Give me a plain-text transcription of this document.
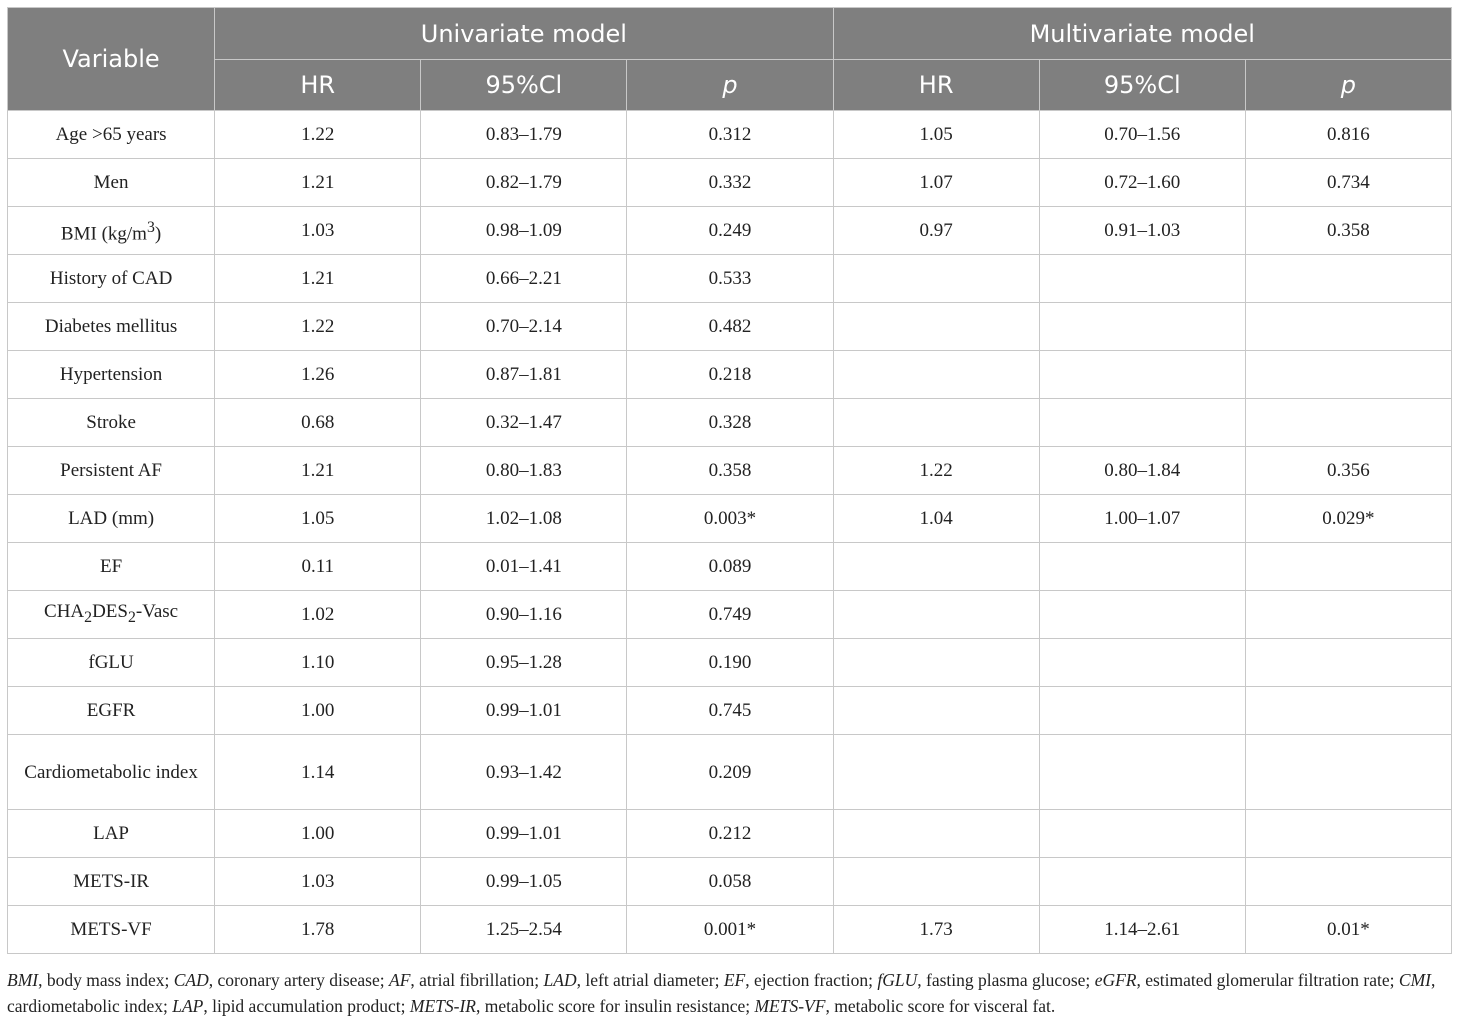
Variable	Univariate model			Multivariate model		
	HR	95%Cl	p	HR	95%Cl	p
Age >65 years	1.22	0.83–1.79	0.312	1.05	0.70–1.56	0.816
Men	1.21	0.82–1.79	0.332	1.07	0.72–1.60	0.734
BMI $(kg/m^3)$	1.03	0.98–1.09	0.249	0.97	0.91–1.03	0.358
History of CAD	1.21	0.66–2.21	0.533			
Diabetes mellitus	1.22	0.70–2.14	0.482			
Hypertension	1.26	0.87–1.81	0.218			
Stroke	0.68	0.32–1.47	0.328			
Persistent AF	1.21	0.80–1.83	0.358	1.22	0.80–1.84	0.356
LAD (mm)	1.05	1.02–1.08	0.003*	1.04	1.00–1.07	0.029*
EF	0.11	0.01–1.41	0.089			
$CHA_2DES_2$-Vasc	1.02	0.90–1.16	0.749			
fGLU	1.10	0.95–1.28	0.190			
EGFR	1.00	0.99–1.01	0.745			
Cardiometabolic index	1.14	0.93–1.42	0.209			
LAP	1.00	0.99–1.01	0.212			
METS-IR	1.03	0.99–1.05	0.058			
METS-VF	1.78	1.25–2.54	0.001*	1.73	1.14–2.61	0.01*
BMI, body mass index; CAD, coronary artery disease; AF, atrial fibrillation; LAD, left atrial diameter; EF, ejection fraction; fGLU, fasting plasma glucose; eGFR, estimated glomerular filtration rate; CMI, cardiometabolic index; LAP, lipid accumulation product; METS-IR, metabolic score for insulin resistance; METS-VF, metabolic score for visceral fat.
